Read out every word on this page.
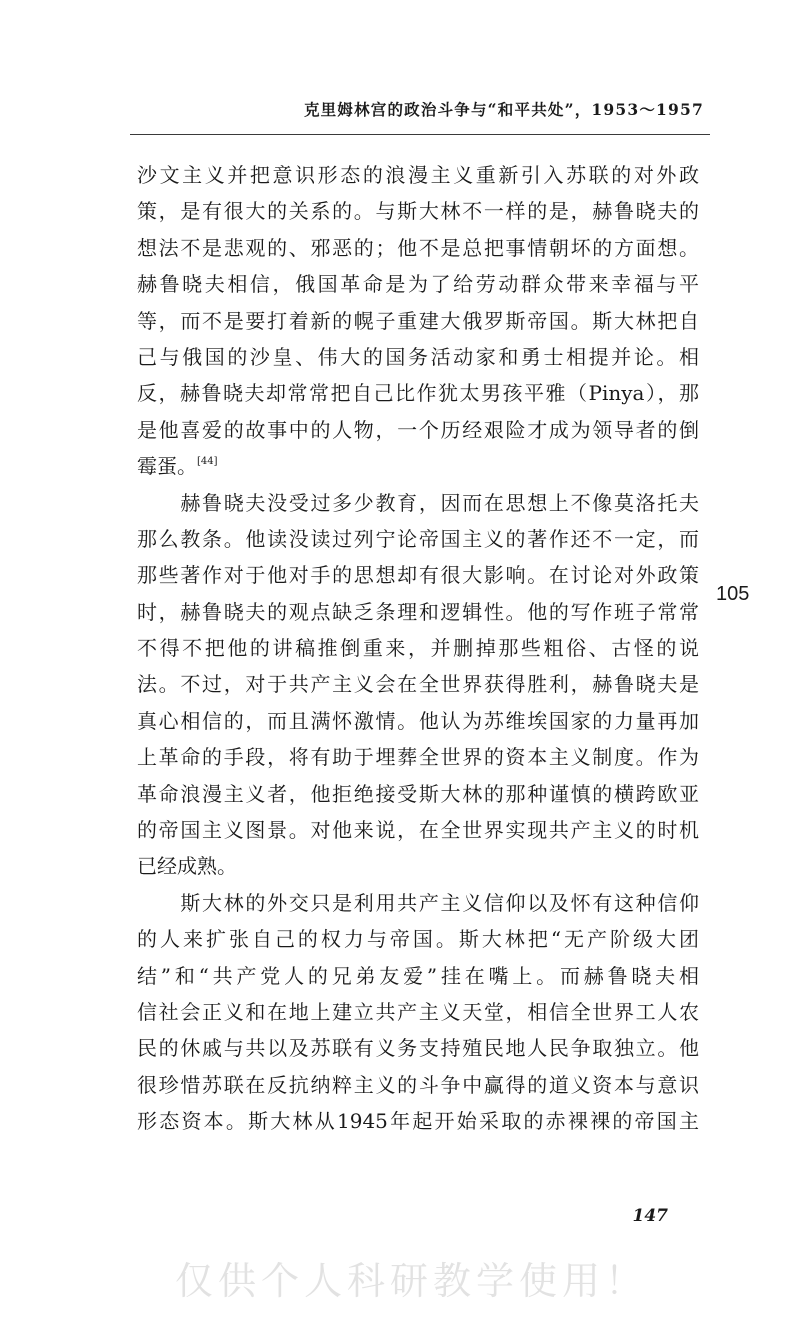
克里姆林宫的政治斗争与“和平共处”，1953～1957
沙文主义并把意识形态的浪漫主义重新引入苏联的对外政
策，是有很大的关系的。与斯大林不一样的是，赫鲁晓夫的
想法不是悲观的、邪恶的；他不是总把事情朝坏的方面想。
赫鲁晓夫相信，俄国革命是为了给劳动群众带来幸福与平
等，而不是要打着新的幌子重建大俄罗斯帝国。斯大林把自
己与俄国的沙皇、伟大的国务活动家和勇士相提并论。相
反，赫鲁晓夫却常常把自己比作犹太男孩平雅（Pinya），那
是他喜爱的故事中的人物，一个历经艰险才成为领导者的倒
霉蛋。[44]
　　赫鲁晓夫没受过多少教育，因而在思想上不像莫洛托夫
那么教条。他读没读过列宁论帝国主义的著作还不一定，而
那些著作对于他对手的思想却有很大影响。在讨论对外政策
时，赫鲁晓夫的观点缺乏条理和逻辑性。他的写作班子常常
不得不把他的讲稿推倒重来，并删掉那些粗俗、古怪的说
法。不过，对于共产主义会在全世界获得胜利，赫鲁晓夫是
真心相信的，而且满怀激情。他认为苏维埃国家的力量再加
上革命的手段，将有助于埋葬全世界的资本主义制度。作为
革命浪漫主义者，他拒绝接受斯大林的那种谨慎的横跨欧亚
的帝国主义图景。对他来说，在全世界实现共产主义的时机
已经成熟。
　　斯大林的外交只是利用共产主义信仰以及怀有这种信仰
的人来扩张自己的权力与帝国。斯大林把“无产阶级大团
结”和“共产党人的兄弟友爱”挂在嘴上。而赫鲁晓夫相
信社会正义和在地上建立共产主义天堂，相信全世界工人农
民的休戚与共以及苏联有义务支持殖民地人民争取独立。他
很珍惜苏联在反抗纳粹主义的斗争中赢得的道义资本与意识
形态资本。斯大林从1945年起开始采取的赤裸裸的帝国主
105
147
仅供个人科研教学使用！
